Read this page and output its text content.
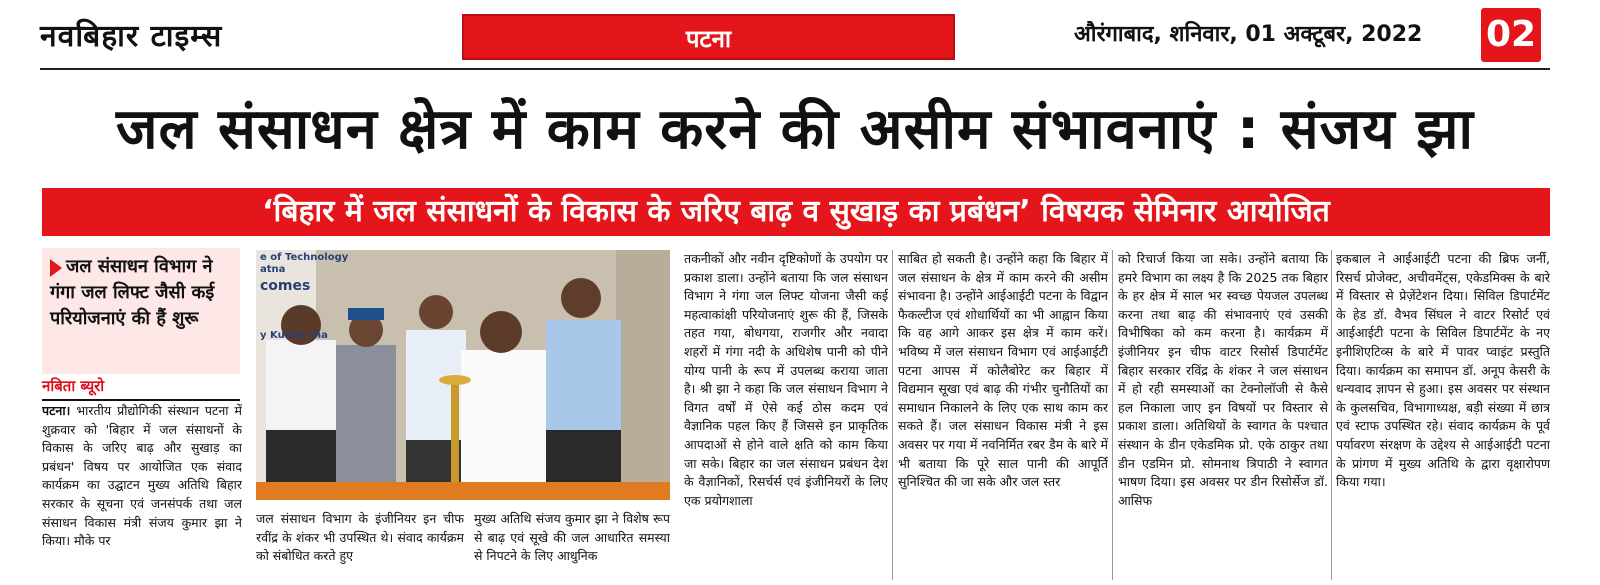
नवबिहार टाइम्स	पटना	औरंगाबाद, शनिवार, 01 अक्टूबर, 2022 02
जल संसाधन क्षेत्र में काम करने की असीम संभावनाएं : संजय झा
‘बिहार में जल संसाधनों के विकास के जरिए बाढ़ व सुखाड़ का प्रबंधन’ विषयक सेमिनार आयोजित
जल संसाधन विभाग ने गंगा जल लिफ्ट जैसी कई परियोजनाएं की हैं शुरू
नबिता ब्यूरो
e of Technology
atna
comes
y Kumar Jha
पटना। भारतीय प्रौद्योगिकी संस्थान पटना में शुक्रवार को 'बिहार में जल संसाधनों के विकास के जरिए बाढ़ और सुखाड़ का प्रबंधन' विषय पर आयोजित एक संवाद कार्यक्रम का उद्घाटन मुख्य अतिथि बिहार सरकार के सूचना एवं जनसंपर्क तथा जल संसाधन विकास मंत्री संजय कुमार झा ने किया। मौके पर
जल संसाधन विभाग के इंजीनियर इन चीफ रवींद्र के शंकर भी उपस्थित थे। संवाद कार्यक्रम को संबोधित करते हुए
मुख्य अतिथि संजय कुमार झा ने विशेष रूप से बाढ़ एवं सूखे की जल आधारित समस्या से निपटने के लिए आधुनिक
तकनीकों और नवीन दृष्टिकोणों के उपयोग पर प्रकाश डाला। उन्होंने बताया कि जल संसाधन विभाग ने गंगा जल लिफ्ट योजना जैसी कई महत्वाकांक्षी परियोजनाएं शुरू की हैं, जिसके तहत गया, बोधगया, राजगीर और नवादा शहरों में गंगा नदी के अधिशेष पानी को पीने योग्य पानी के रूप में उपलब्ध कराया जाता है। श्री झा ने कहा कि जल संसाधन विभाग ने विगत वर्षों में ऐसे कई ठोस कदम एवं वैज्ञानिक पहल किए हैं जिससे इन प्राकृतिक आपदाओं से होने वाले क्षति को काम किया जा सके। बिहार का जल संसाधन प्रबंधन देश के वैज्ञानिकों, रिसर्चर्स एवं इंजीनियरों के लिए एक प्रयोगशाला
साबित हो सकती है। उन्होंने कहा कि बिहार में जल संसाधन के क्षेत्र में काम करने की असीम संभावना है। उन्होंने आईआईटी पटना के विद्वान फैकल्टीज एवं शोधार्थियों का भी आह्वान किया कि वह आगे आकर इस क्षेत्र में काम करें। भविष्य में जल संसाधन विभाग एवं आईआईटी पटना आपस में कोलैबोरेट कर बिहार में विद्यमान सूखा एवं बाढ़ की गंभीर चुनौतियों का समाधान निकालने के लिए एक साथ काम कर सकते हैं। जल संसाधन विकास मंत्री ने इस अवसर पर गया में नवनिर्मित रबर डैम के बारे में भी बताया कि पूरे साल पानी की आपूर्ति सुनिश्चित की जा सके और जल स्तर
को रिचार्ज किया जा सके। उन्होंने बताया कि हमरे विभाग का लक्ष्य है कि 2025 तक बिहार के हर क्षेत्र में साल भर स्वच्छ पेयजल उपलब्ध करना तथा बाढ़ की संभावनाएं एवं उसकी विभीषिका को कम करना है। कार्यक्रम में इंजीनियर इन चीफ वाटर रिसोर्स डिपार्टमेंट बिहार सरकार रविंद्र के शंकर ने जल संसाधन में हो रही समस्याओं का टेक्नोलॉजी से कैसे हल निकाला जाए इन विषयों पर विस्तार से प्रकाश डाला। अतिथियों के स्वागत के पश्चात संस्थान के डीन एकेडमिक प्रो. एके ठाकुर तथा डीन एडमिन प्रो. सोमनाथ त्रिपाठी ने स्वागत भाषण दिया। इस अवसर पर डीन रिसोर्सेज डॉ. आसिफ
इकबाल ने आईआईटी पटना की ब्रिफ जर्नी, रिसर्च प्रोजेक्ट, अचीवमेंट्स, एकेडमिक्स के बारे में विस्तार से प्रेज़ेंटेशन दिया। सिविल डिपार्टमेंट के हेड डॉ. वैभव सिंघल ने वाटर रिसोर्ट एवं आईआईटी पटना के सिविल डिपार्टमेंट के नए इनीशिएटिव्स के बारे में पावर प्वाइंट प्रस्तुति दिया। कार्यक्रम का समापन डॉ. अनूप केसरी के धन्यवाद ज्ञापन से हुआ। इस अवसर पर संस्थान के कुलसचिव, विभागाध्यक्ष, बड़ी संख्या में छात्र एवं स्टाफ उपस्थित रहे। संवाद कार्यक्रम के पूर्व पर्यावरण संरक्षण के उद्देश्य से आईआईटी पटना के प्रांगण में मुख्य अतिथि के द्वारा वृक्षारोपण किया गया।
